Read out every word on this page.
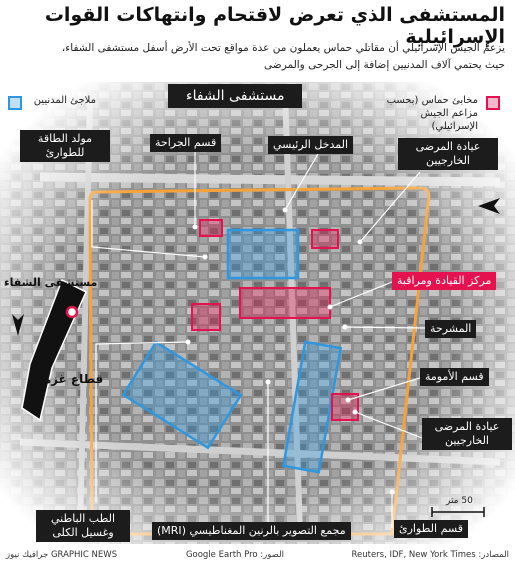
المستشفى الذي تعرض لاقتحام وانتهاكات القوات الإسرائيلية
يزعم الجيش الإسرائيلي أن مقاتلي حماس يعملون من عدة مواقع تحت الأرض أسفل مستشفى الشفاء،
حيث يحتمي آلاف المدنيين إضافة إلى الجرحى والمرضى
مستشفى الشفاء
مولد الطاقة للطوارئ
قسم الجراحة	المدخل الرئيسي	عيادة المرضى الخارجيين
مركز القيادة ومراقبة
المشرحة
قسم الأمومة
عيادة المرضى الخارجيين
قسم الطوارئ
مجمع التصوير بالرنين المغناطيسي (MRI)
الطب الباطني وغسيل الكلى
مخابئ حماس (بحسب مزاعم الجيش الإسرائيلي)
ملاجئ المدنيين
مستشفى الشفاء
قطاع غزة
50 متر
المصادر: Reuters, IDF, New York Times
الصور: Google Earth Pro
GRAPHIC NEWS جرافيك نيوز
